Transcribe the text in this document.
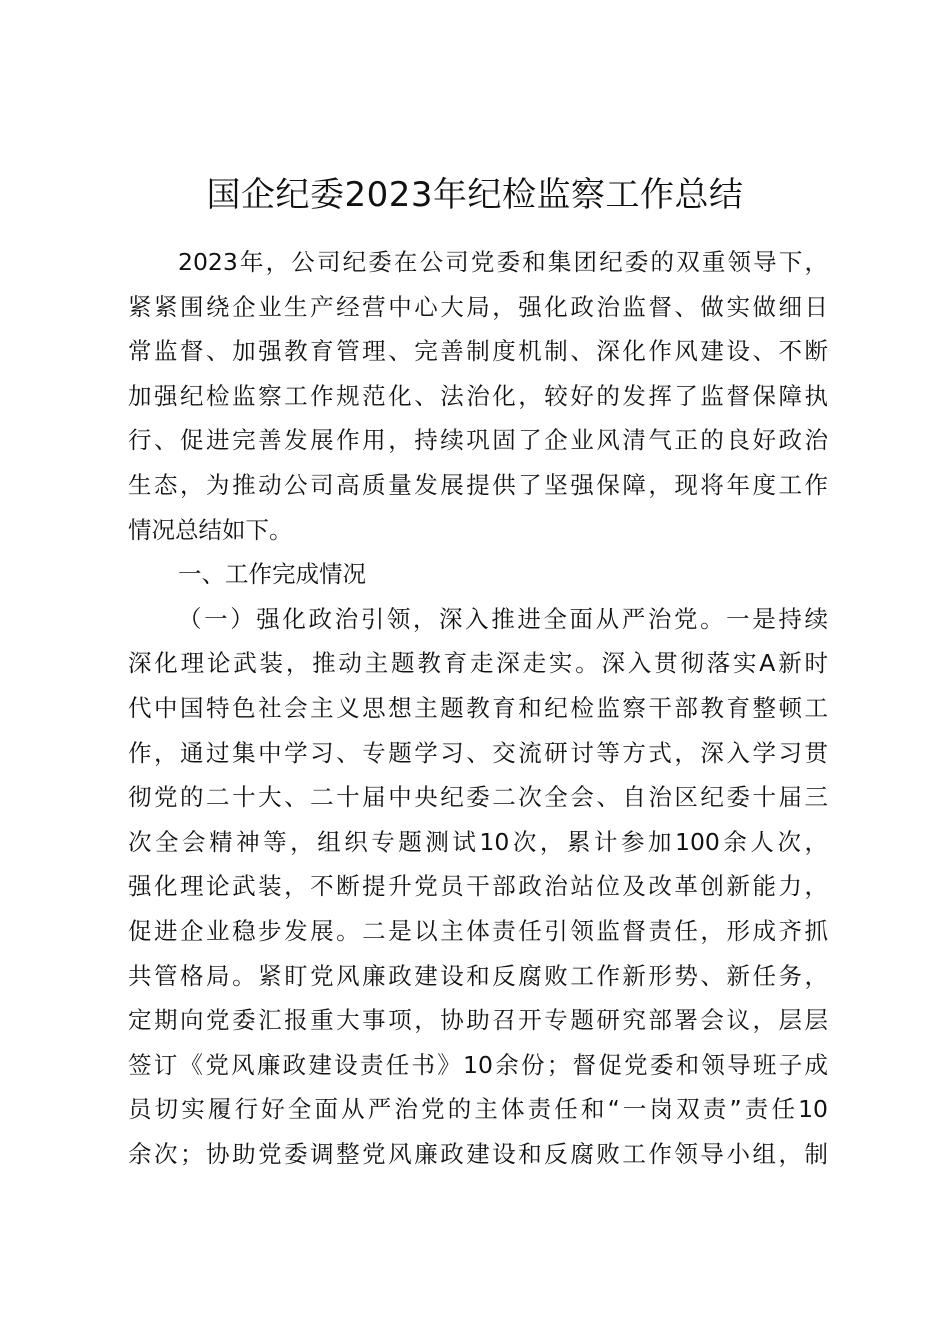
国企纪委2023年纪检监察工作总结
2023年，公司纪委在公司党委和集团纪委的双重领导下，
紧紧围绕企业生产经营中心大局，强化政治监督、做实做细日
常监督、加强教育管理、完善制度机制、深化作风建设、不断
加强纪检监察工作规范化、法治化，较好的发挥了监督保障执
行、促进完善发展作用，持续巩固了企业风清气正的良好政治
生态，为推动公司高质量发展提供了坚强保障，现将年度工作
情况总结如下。
一、工作完成情况
（一）强化政治引领，深入推进全面从严治党。一是持续
深化理论武装，推动主题教育走深走实。深入贯彻落实A新时
代中国特色社会主义思想主题教育和纪检监察干部教育整顿工
作，通过集中学习、专题学习、交流研讨等方式，深入学习贯
彻党的二十大、二十届中央纪委二次全会、自治区纪委十届三
次全会精神等，组织专题测试10次，累计参加100余人次，
强化理论武装，不断提升党员干部政治站位及改革创新能力，
促进企业稳步发展。二是以主体责任引领监督责任，形成齐抓
共管格局。紧盯党风廉政建设和反腐败工作新形势、新任务，
定期向党委汇报重大事项，协助召开专题研究部署会议，层层
签订《党风廉政建设责任书》10余份；督促党委和领导班子成
员切实履行好全面从严治党的主体责任和“一岗双责”责任10
余次；协助党委调整党风廉政建设和反腐败工作领导小组，制
